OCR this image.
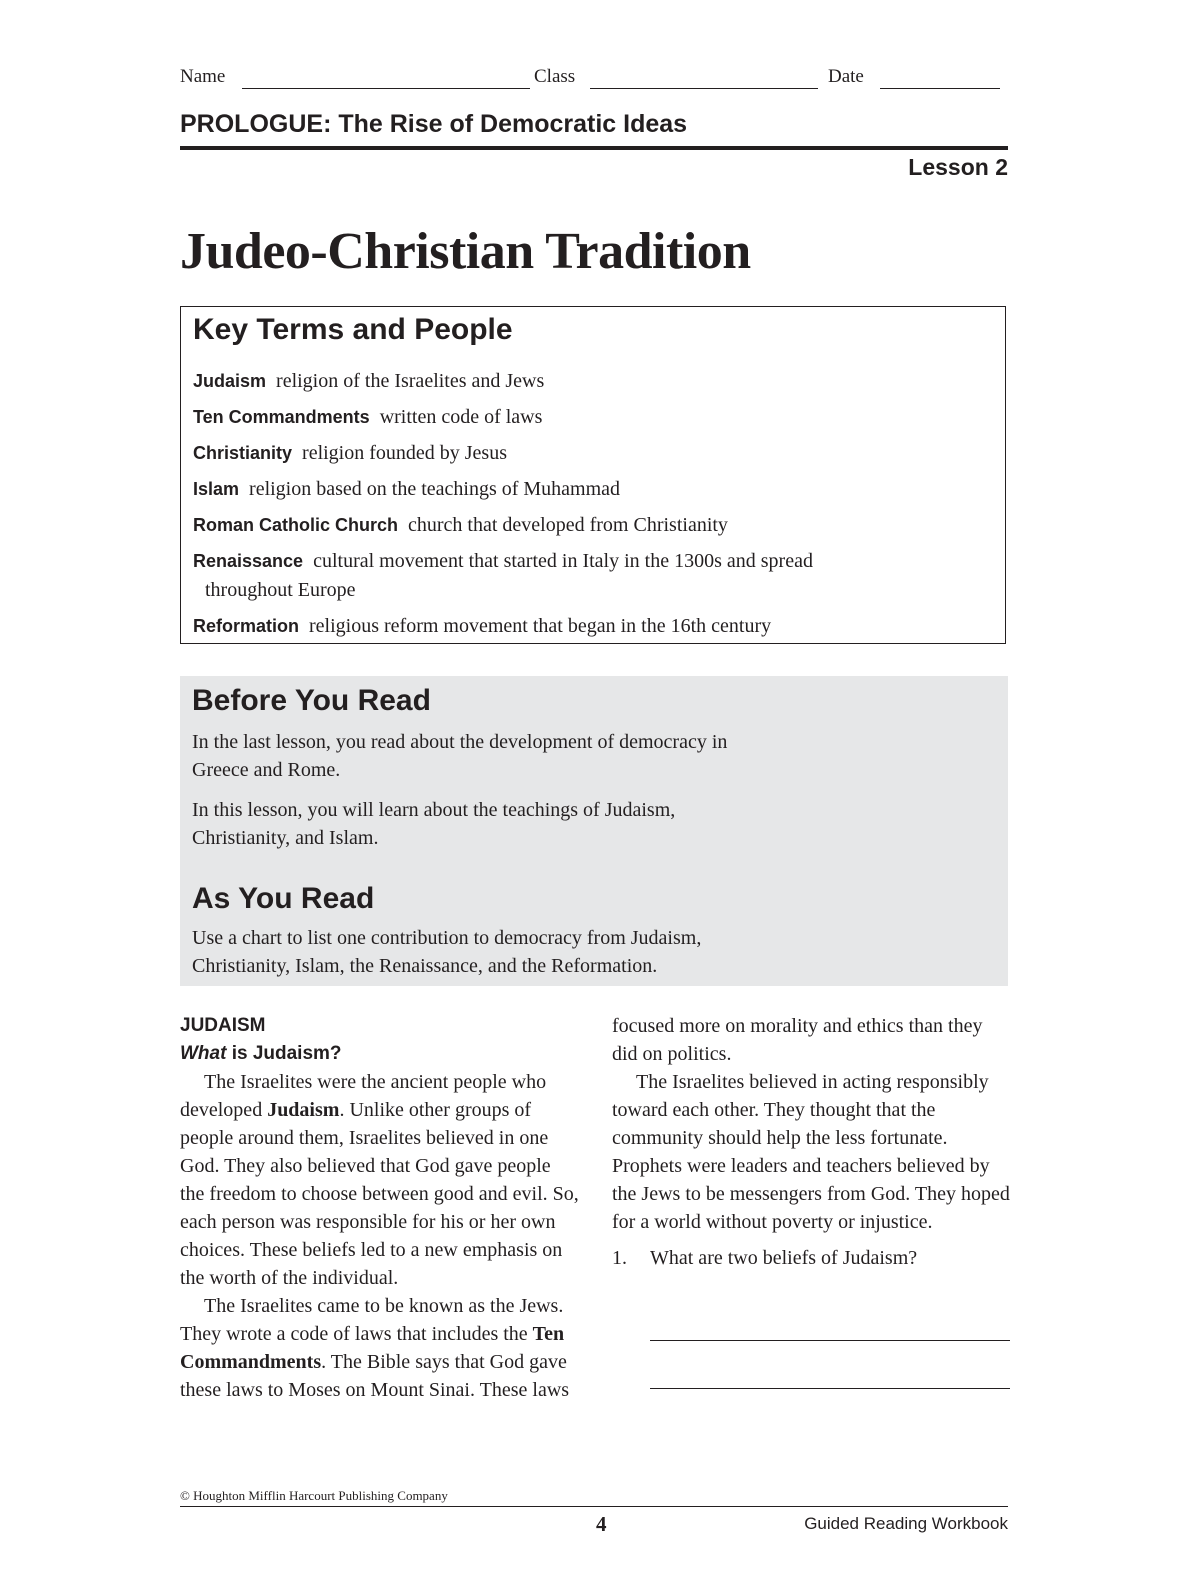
Name	Class	Date
PROLOGUE: The Rise of Democratic Ideas
Lesson 2
Judeo-Christian Tradition
Key Terms and People
Judaism religion of the Israelites and Jews
Ten Commandments written code of laws
Christianity religion founded by Jesus
Islam religion based on the teachings of Muhammad
Roman Catholic Church church that developed from Christianity
Renaissance cultural movement that started in Italy in the 1300s and spread
throughout Europe
Reformation religious reform movement that began in the 16th century
Before You Read

In the last lesson, you read about the development of democracy in
Greece and Rome.

In this lesson, you will learn about the teachings of Judaism,
Christianity, and Islam.

As You Read

Use a chart to list one contribution to democracy from Judaism,
Christianity, Islam, the Renaissance, and the Reformation.

JUDAISM
What is Judaism?

The Israelites were the ancient people who developed Judaism. Unlike other groups of people around them, Israelites believed in one God. They also believed that God gave people the freedom to choose between good and evil. So, each person was responsible for his or her own choices. These beliefs led to a new emphasis on the worth of the individual.

The Israelites came to be known as the Jews. They wrote a code of laws that includes the Ten Commandments. The Bible says that God gave these laws to Moses on Mount Sinai. These laws

focused more on morality and ethics than they did on politics.

The Israelites believed in acting responsibly toward each other. They thought that the community should help the less fortunate. Prophets were leaders and teachers believed by the Jews to be messengers from God. They hoped for a world without poverty or injustice.

1.	What are two beliefs of Judaism?
© Houghton Mifflin Harcourt Publishing Company
4	Guided Reading Workbook
